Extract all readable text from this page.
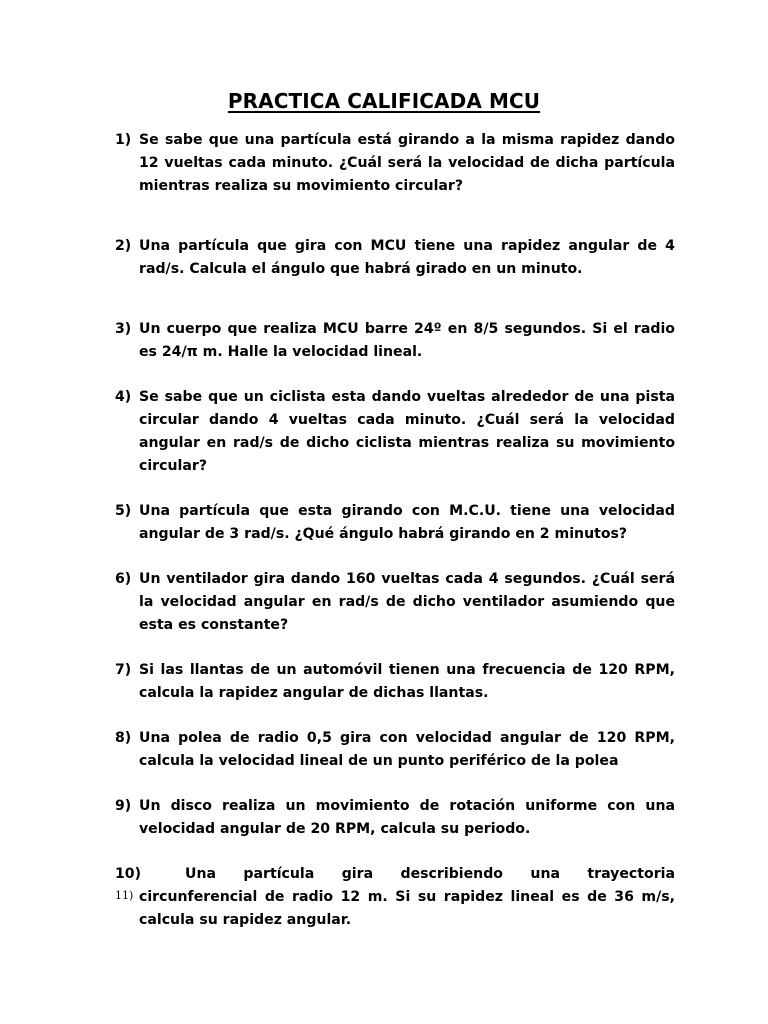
PRACTICA CALIFICADA MCU
1) Se sabe que una partícula está girando a la misma rapidez dando 12 vueltas cada minuto. ¿Cuál será la velocidad de dicha partícula mientras realiza su movimiento circular?
2) Una partícula que gira con MCU tiene una rapidez angular de 4 rad/s. Calcula el ángulo que habrá girado en un minuto.
3) Un cuerpo que realiza MCU barre 24º en 8/5 segundos. Si el radio es 24/π m. Halle la velocidad lineal.
4) Se sabe que un ciclista esta dando vueltas alrededor de una pista circular dando 4 vueltas cada minuto. ¿Cuál será la velocidad angular en rad/s de dicho ciclista mientras realiza su movimiento circular?
5) Una partícula que esta girando con M.C.U. tiene una velocidad angular de 3 rad/s. ¿Qué ángulo habrá girando en 2 minutos?
6) Un ventilador gira dando 160 vueltas cada 4 segundos. ¿Cuál será la velocidad angular en rad/s de dicho ventilador asumiendo que esta es constante?
7) Si las llantas de un automóvil tienen una frecuencia de 120 RPM, calcula la rapidez angular de dichas llantas.
8) Una polea de radio 0,5 gira con velocidad angular de 120 RPM, calcula la velocidad lineal de un punto periférico de la polea
9) Un disco realiza un movimiento de rotación uniforme con una velocidad angular de 20 RPM, calcula su periodo.
10)	Una partícula gira describiendo una trayectoria circunferencial de radio 12 m. Si su rapidez lineal es de 36 m/s, calcula su rapidez angular.
11)
